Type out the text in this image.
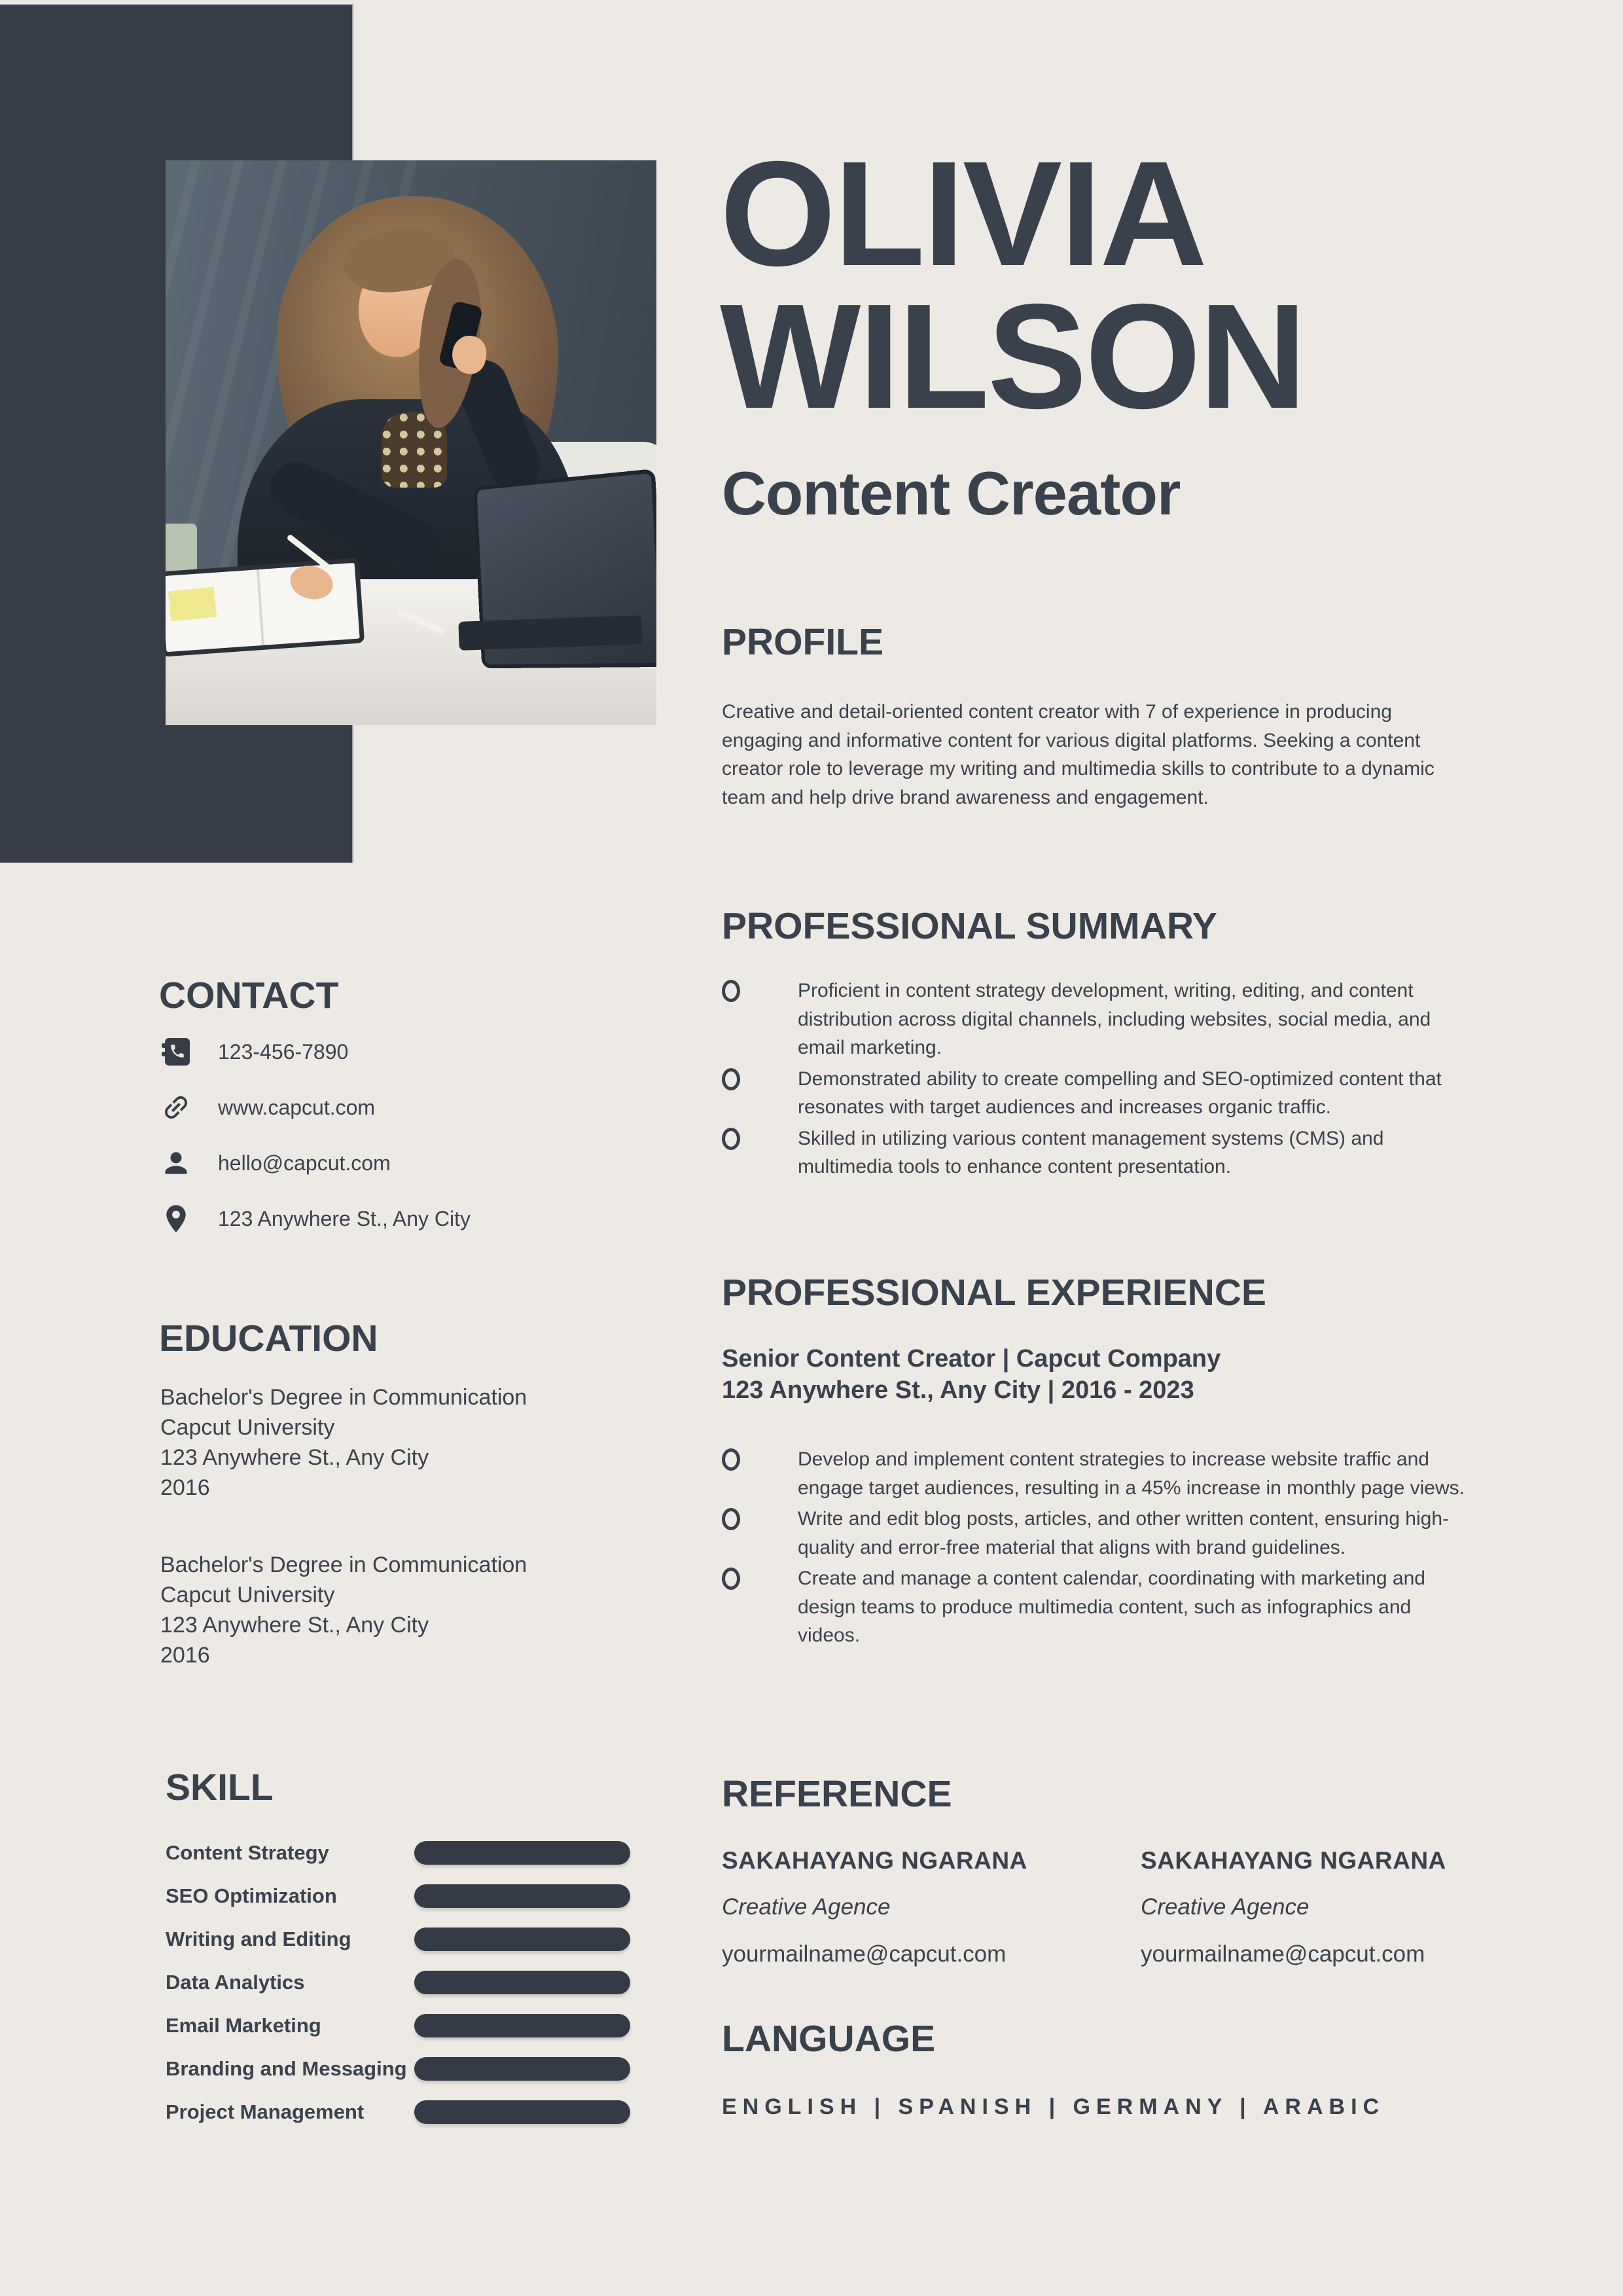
OLIVIA
WILSON
Content Creator
PROFILE

Creative and detail-oriented content creator with 7 of experience in producing engaging and informative content for various digital platforms. Seeking a content creator role to leverage my writing and multimedia skills to contribute to a dynamic team and help drive brand awareness and engagement.

PROFESSIONAL SUMMARY

Proficient in content strategy development, writing, editing, and content distribution across digital channels, including websites, social media, and email marketing.

Demonstrated ability to create compelling and SEO-optimized content that resonates with target audiences and increases organic traffic.

Skilled in utilizing various content management systems (CMS) and multimedia tools to enhance content presentation.

CONTACT
123-456-7890
www.capcut.com
hello@capcut.com
123 Anywhere St., Any City
EDUCATION
Bachelor's Degree in Communication
Capcut University
123 Anywhere St., Any City
2016
Bachelor's Degree in Communication
Capcut University
123 Anywhere St., Any City
2016
SKILL
Content Strategy
SEO Optimization
Writing and Editing
Data Analytics
Email Marketing
Branding and Messaging
Project Management
PROFESSIONAL EXPERIENCE
Senior Content Creator | Capcut Company
123 Anywhere St., Any City | 2016 - 2023

Develop and implement content strategies to increase website traffic and engage target audiences, resulting in a 45% increase in monthly page views.

Write and edit blog posts, articles, and other written content, ensuring high-quality and error-free material that aligns with brand guidelines.

Create and manage a content calendar, coordinating with marketing and design teams to produce multimedia content, such as infographics and videos.

REFERENCE
SAKAHAYANG NGARANA
Creative Agence
yourmailname@capcut.com
SAKAHAYANG NGARANA
Creative Agence
yourmailname@capcut.com
LANGUAGE
ENGLISH | SPANISH | GERMANY | ARABIC
